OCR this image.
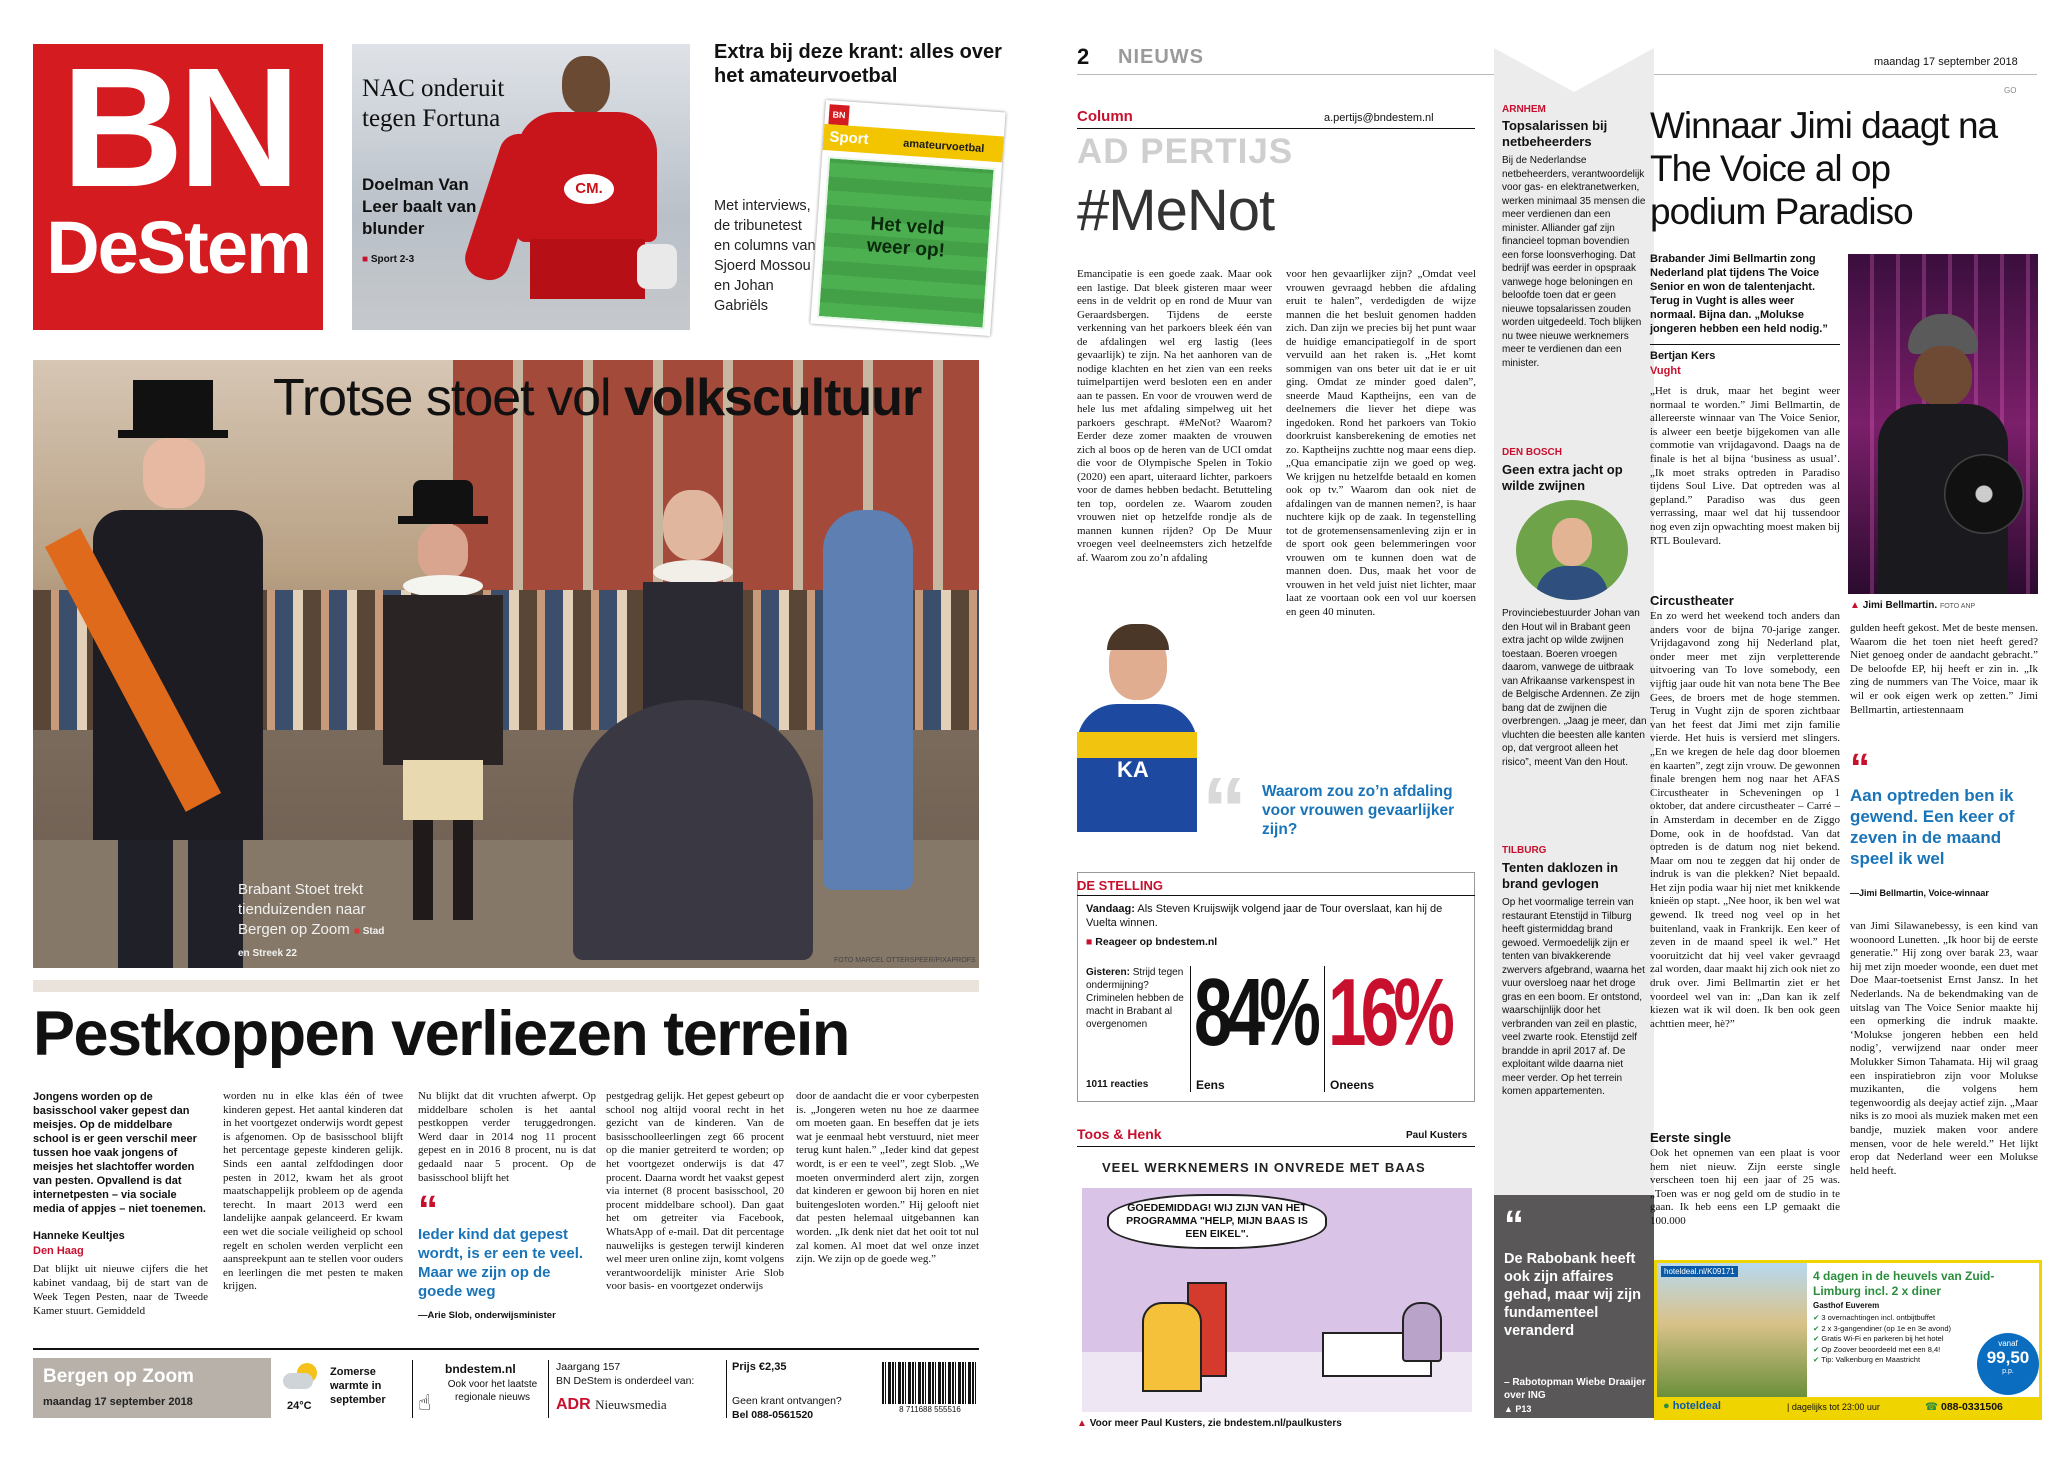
BN
DeStem
NAC onderuit tegen Fortuna
Doelman Van Leer baalt van blunder
■ Sport 2-3
CM.
Extra bij deze krant: alles over het amateurvoetbal
Met interviews, de tribunetest en columns van Sjoerd Mossou en Johan Gabriëls
BN
Sport	amateurvoetbal
Het veld weer op!
Trotse stoet vol volkscultuur
Brabant Stoet trekt tienduizenden naar Bergen op Zoom ■ Stad en Streek 22
FOTO MARCEL OTTERSPEER/PIXAPROFS
Pestkoppen verliezen terrein
Jongens worden op de basisschool vaker gepest dan meisjes. Op de middelbare school is er geen verschil meer tussen hoe vaak jongens of meisjes het slachtoffer worden van pesten. Opvallend is dat internetpesten – via sociale media of appjes – niet toenemen.
Hanneke Keultjes
Den Haag
Dat blijkt uit nieuwe cijfers die het kabinet vandaag, bij de start van de Week Tegen Pesten, naar de Tweede Kamer stuurt. Gemiddeld
worden nu in elke klas één of twee kinderen gepest. Het aantal kinderen dat in het voortgezet onderwijs wordt gepest is afgenomen. Op de basisschool blijft het percentage gepeste kinderen gelijk. Sinds een aantal zelfdodingen door pesten in 2012, kwam het als groot maatschappelijk probleem op de agenda terecht. In maart 2013 werd een landelijke aanpak gelanceerd. Er kwam een wet die sociale veiligheid op school regelt en scholen werden verplicht een aanspreekpunt aan te stellen voor ouders en leerlingen die met pesten te maken krijgen.
Nu blijkt dat dit vruchten afwerpt. Op middelbare scholen is het aantal pestkoppen verder teruggedrongen. Werd daar in 2014 nog 11 procent gepest en in 2016 8 procent, nu is dat gedaald naar 5 procent. Op de basisschool blijft het
“
Ieder kind dat gepest wordt, is er een te veel. Maar we zijn op de goede weg
—Arie Slob, onderwijsminister
pestgedrag gelijk. Het gepest gebeurt op school nog altijd vooral recht in het gezicht van de kinderen. Van de basisschoolleerlingen zegt 66 procent op die manier getreiterd te worden; op het voortgezet onderwijs is dat 47 procent. Daarna wordt het vaakst gepest via internet (8 procent basisschool, 20 procent middelbare school). Dan gaat het om getreiter via Facebook, WhatsApp of e-mail. Dat dit percentage nauwelijks is gestegen terwijl kinderen wel meer uren online zijn, komt volgens verantwoordelijk minister Arie Slob voor basis- en voortgezet onderwijs
door de aandacht die er voor cyberpesten is. „Jongeren weten nu hoe ze daarmee om moeten gaan. En beseffen dat je iets wat je eenmaal hebt verstuurd, niet meer terug kunt halen.” „Ieder kind dat gepest wordt, is er een te veel”, zegt Slob. „We moeten onverminderd alert zijn, zorgen dat kinderen er gewoon bij horen en niet buitengesloten worden.” Hij gelooft niet dat pesten helemaal uitgebannen kan worden. „Ik denk niet dat het ooit tot nul zal komen. Al moet dat wel onze inzet zijn. We zijn op de goede weg.”
Bergen op Zoom
maandag 17 september 2018	24°C
Zomerse warmte in september	☝
bndestem.nl
Ook voor het laatste regionale nieuws
Jaargang 157
BN DeStem is onderdeel van:
ADR Nieuwsmedia
Prijs €2,35
Geen krant ontvangen?
Bel 088-0561520	8 711688 555516
2 NIEUWS	maandag 17 september 2018
GO
Column	a.pertijs@bndestem.nl
AD PERTIJS
#MeNot
Emancipatie is een goede zaak. Maar ook een lastige. Dat bleek gisteren maar weer eens in de veldrit op en rond de Muur van Geraardsbergen. Tijdens de eerste verkenning van het parkoers bleek één van de afdalingen wel erg lastig (lees gevaarlijk) te zijn. Na het aanhoren van de nodige klachten en het zien van een reeks tuimelpartijen werd besloten een en ander aan te passen. En voor de vrouwen werd de hele lus met afdaling simpelweg uit het parkoers geschrapt. #MeNot? Waarom? Eerder deze zomer maakten de vrouwen zich al boos op de heren van de UCI omdat die voor de Olympische Spelen in Tokio (2020) een apart, uiteraard lichter, parkoers voor de dames hebben bedacht. Betutteling ten top, oordelen ze. Waarom zouden vrouwen niet op hetzelfde rondje als de mannen kunnen rijden? Op De Muur vroegen veel deelneemsters zich hetzelfde af. Waarom zou zo’n afdaling
voor hen gevaarlijker zijn? „Omdat veel vrouwen gevraagd hebben die afdaling eruit te halen”, verdedigden de wijze mannen die het besluit genomen hadden zich. Dan zijn we precies bij het punt waar de huidige emancipatiegolf in de sport vervuild aan het raken is. „Het komt sommigen van ons beter uit dat ie er uit ging. Omdat ze minder goed dalen”, sneerde Maud Kaptheijns, een van de deelnemers die liever het diepe was ingedoken. Rond het parkoers van Tokio doorkruist kansberekening de emoties net zo. Kaptheijns zuchtte nog maar eens diep. „Qua emancipatie zijn we goed op weg. We krijgen nu hetzelfde betaald en komen ook op tv.” Waarom dan ook niet de afdalingen van de mannen nemen?, is haar nuchtere kijk op de zaak. In tegenstelling tot de grotemensensamenleving zijn er in de sport ook geen belemmeringen voor vrouwen om te kunnen doen wat de mannen doen. Dus, maak het voor de vrouwen in het veld juist niet lichter, maar laat ze voortaan ook een vol uur koersen en geen 40 minuten.
KA “ Waarom zou zo’n afdaling voor vrouwen gevaarlijker zijn?
DE STELLING
Vandaag: Als Steven Kruijswijk volgend jaar de Tour overslaat, kan hij de Vuelta winnen.
■ Reageer op bndestem.nl
Gisteren: Strijd tegen ondermijning? Criminelen hebben de macht in Brabant al overgenomen
1011 reacties
84%
Eens
16%
Oneens
Toos & Henk	Paul Kusters
VEEL WERKNEMERS IN ONVREDE MET BAAS
GOEDEMIDDAG! WIJ ZIJN VAN HET PROGRAMMA "HELP, MIJN BAAS IS EEN EIKEL".
▲ Voor meer Paul Kusters, zie bndestem.nl/paulkusters
ARNHEM
Topsalarissen bij netbeheerders
Bij de Nederlandse netbeheerders, verantwoordelijk voor gas- en elektranetwerken, werken minimaal 35 mensen die meer verdienen dan een minister. Alliander gaf zijn financieel topman bovendien een forse loonsverhoging. Dat bedrijf was eerder in opspraak vanwege hoge beloningen en beloofde toen dat er geen nieuwe topsalarissen zouden worden uitgedeeld. Toch blijken nu twee nieuwe werknemers meer te verdienen dan een minister.
DEN BOSCH
Geen extra jacht op wilde zwijnen
Provinciebestuurder Johan van den Hout wil in Brabant geen extra jacht op wilde zwijnen toestaan. Boeren vroegen daarom, vanwege de uitbraak van Afrikaanse varkenspest in de Belgische Ardennen. Ze zijn bang dat de zwijnen die overbrengen. „Jaag je meer, dan vluchten die beesten alle kanten op, dat vergroot alleen het risico”, meent Van den Hout.
TILBURG
Tenten daklozen in brand gevlogen
Op het voormalige terrein van restaurant Etenstijd in Tilburg heeft gistermiddag brand gewoed. Vermoedelijk zijn er tenten van bivakkerende zwervers afgebrand, waarna het vuur oversloeg naar het droge gras en een boom. Er ontstond, waarschijnlijk door het verbranden van zeil en plastic, veel zwarte rook. Etenstijd zelf brandde in april 2017 af. De exploitant wilde daarna niet meer verder. Op het terrein komen appartementen.
“
De Rabobank heeft ook zijn affaires gehad, maar wij zijn fundamenteel veranderd
– Rabotopman Wiebe Draaijer over ING
▲ P13
Winnaar Jimi daagt na The Voice al op podium Paradiso
Brabander Jimi Bellmartin zong Nederland plat tijdens The Voice Senior en won de talentenjacht. Terug in Vught is alles weer normaal. Bijna dan. „Molukse jongeren hebben een held nodig.”
Bertjan Kers
Vught
„Het is druk, maar het begint weer normaal te worden.” Jimi Bellmartin, de allereerste winnaar van The Voice Senior, is alweer een beetje bijgekomen van alle commotie van vrijdagavond. Daags na de finale is het al bijna ‘business as usual’. „Ik moet straks optreden in Paradiso tijdens Soul Live. Dat optreden was al gepland.” Paradiso was dus geen verrassing, maar wel dat hij tussendoor nog even zijn opwachting moest maken bij RTL Boulevard.
Circustheater
En zo werd het weekend toch anders dan anders voor de bijna 70-jarige zanger. Vrijdagavond zong hij Nederland plat, onder meer met zijn verpletterende uitvoering van To love somebody, een vijftig jaar oude hit van nota bene The Bee Gees, de broers met de hoge stemmen. Terug in Vught zijn de sporen zichtbaar van het feest dat Jimi met zijn familie vierde. Het huis is versierd met slingers. „En we kregen de hele dag door bloemen en kaarten”, zegt zijn vrouw. De gewonnen finale brengen hem nog naar het AFAS Circustheater in Scheveningen op 1 oktober, dat andere circustheater – Carré – in Amsterdam in december en de Ziggo Dome, ook in de hoofdstad. Van dat optreden is de datum nog niet bekend. Maar om nou te zeggen dat hij onder de indruk is van die plekken? Niet bepaald. Het zijn podia waar hij niet met knikkende knieën op stapt. „Nee hoor, ik ben wel wat gewend. Ik treed nog veel op in het buitenland, vaak in Frankrijk. Een keer of zeven in de maand speel ik wel.” Het vooruitzicht dat hij veel vaker gevraagd zal worden, daar maakt hij zich ook niet zo druk over. Jimi Bellmartin ziet er het voordeel wel van in: „Dan kan ik zelf kiezen wat ik wil doen. Ik ben ook geen achttien meer, hè?”
Eerste single
Ook het opnemen van een plaat is voor hem niet nieuw. Zijn eerste single verscheen toen hij een jaar of 25 was. „Toen was er nog geld om de studio in te gaan. Ik heb eens een LP gemaakt die 100.000
▲ Jimi Bellmartin. FOTO ANP
gulden heeft gekost. Met de beste mensen. Waarom die het toen niet heeft gered? Niet genoeg onder de aandacht gebracht.” De beloofde EP, hij heeft er zin in. „Ik zing de nummers van The Voice, maar ik wil er ook eigen werk op zetten.” Jimi Bellmartin, artiestennaam
“
Aan optreden ben ik gewend. Een keer of zeven in de maand speel ik wel
—Jimi Bellmartin, Voice-winnaar
van Jimi Silawanebessy, is een kind van woonoord Lunetten. „Ik hoor bij de eerste generatie.” Hij zong over barak 23, waar hij met zijn moeder woonde, een duet met Doe Maar-toetsenist Ernst Jansz. In het Nederlands. Na de bekendmaking van de uitslag van The Voice Senior maakte hij een opmerking die indruk maakte. ‘Molukse jongeren hebben een held nodig’, verwijzend naar onder meer Molukker Simon Tahamata. Hij wil graag een inspiratiebron zijn voor Molukse muzikanten, die volgens hem tegenwoordig als deejay actief zijn. „Maar niks is zo mooi als muziek maken met een bandje, muziek maken voor andere mensen, voor de hele wereld.” Het lijkt erop dat Nederland weer een Molukse held heeft.
hoteldeal.nl/K09171	4 dagen in de heuvels van Zuid-Limburg incl. 2 x diner
Gasthof Euverem
✔ 3 overnachtingen incl. ontbijtbuffet
✔ 2 x 3-gangendiner (op 1e en 3e avond)
✔ Gratis Wi-Fi en parkeren bij het hotel
✔ Op Zoover beoordeeld met een 8,4!
✔ Tip: Valkenburg en Maastricht
vanaf
99,50
p.p.
● hoteldeal	| dagelijks tot 23:00 uur	☎ 088-0331506
